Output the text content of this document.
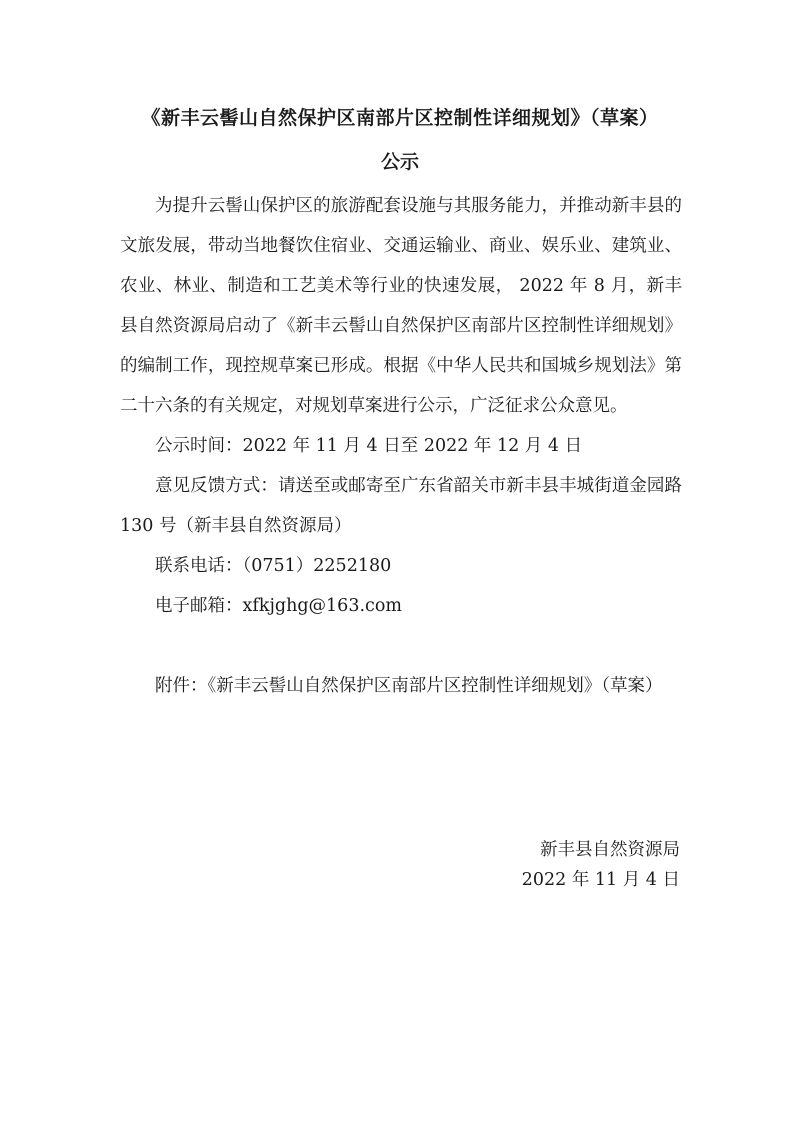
《新丰云髻山自然保护区南部片区控制性详细规划》（草案）
公示

为提升云髻山保护区的旅游配套设施与其服务能力，并推动新丰县的文旅发展，带动当地餐饮住宿业、交通运输业、商业、娱乐业、建筑业、农业、林业、制造和工艺美术等行业的快速发展， 2022 年 8 月，新丰县自然资源局启动了《新丰云髻山自然保护区南部片区控制性详细规划》的编制工作，现控规草案已形成。根据《中华人民共和国城乡规划法》第二十六条的有关规定，对规划草案进行公示，广泛征求公众意见。

公示时间：2022 年 11 月 4 日至 2022 年 12 月 4 日

意见反馈方式：请送至或邮寄至广东省韶关市新丰县丰城街道金园路 130 号（新丰县自然资源局）

联系电话：（0751）2252180

电子邮箱：xfkjghg@163.com

附件：《新丰云髻山自然保护区南部片区控制性详细规划》（草案）

新丰县自然资源局
2022 年 11 月 4 日
